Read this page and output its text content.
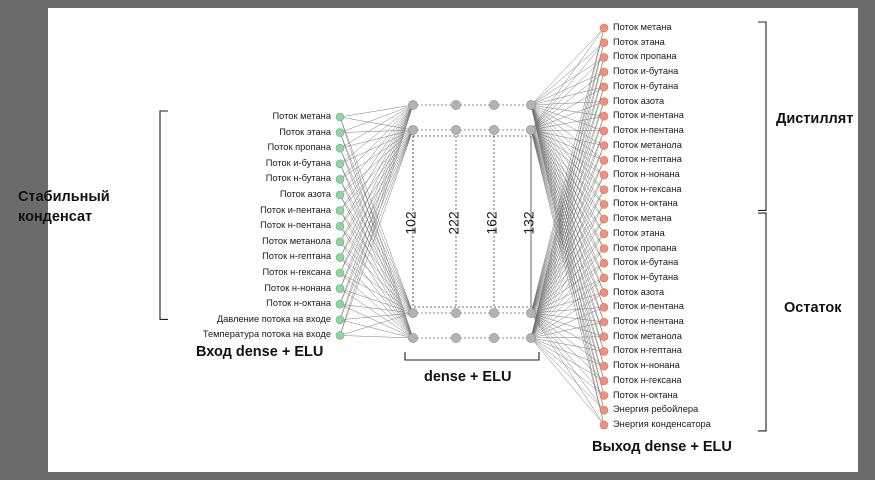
Стабильный конденсат
Поток метана
Поток этана
Поток пропана
Поток и-бутана
Поток н-бутана
Поток азота
Поток и-пентана
Поток н-пентана
Поток метанола
Поток н-гептана
Поток н-гексана
Поток н-нонана
Поток н-октана
Давление потока на входе
Температура потока на входе
Поток метана
Поток этана
Поток пропана
Поток и-бутана
Поток н-бутана
Поток азота
Поток и-пентана
Поток н-пентана
Поток метанола
Поток н-гептана
Поток н-нонана
Поток н-гексана
Поток н-октана
Поток метана
Поток этана
Поток пропана
Поток и-бутана
Поток н-бутана
Поток азота
Поток и-пентана
Поток н-пентана
Поток метанола
Поток н-гептана
Поток н-нонана
Поток н-гексана
Поток н-октана
Энергия ребойлера
Энергия конденсатора
102 222 162 132
Вход dense + ELU
dense + ELU
Выход dense + ELU
Дистиллят
Остаток
